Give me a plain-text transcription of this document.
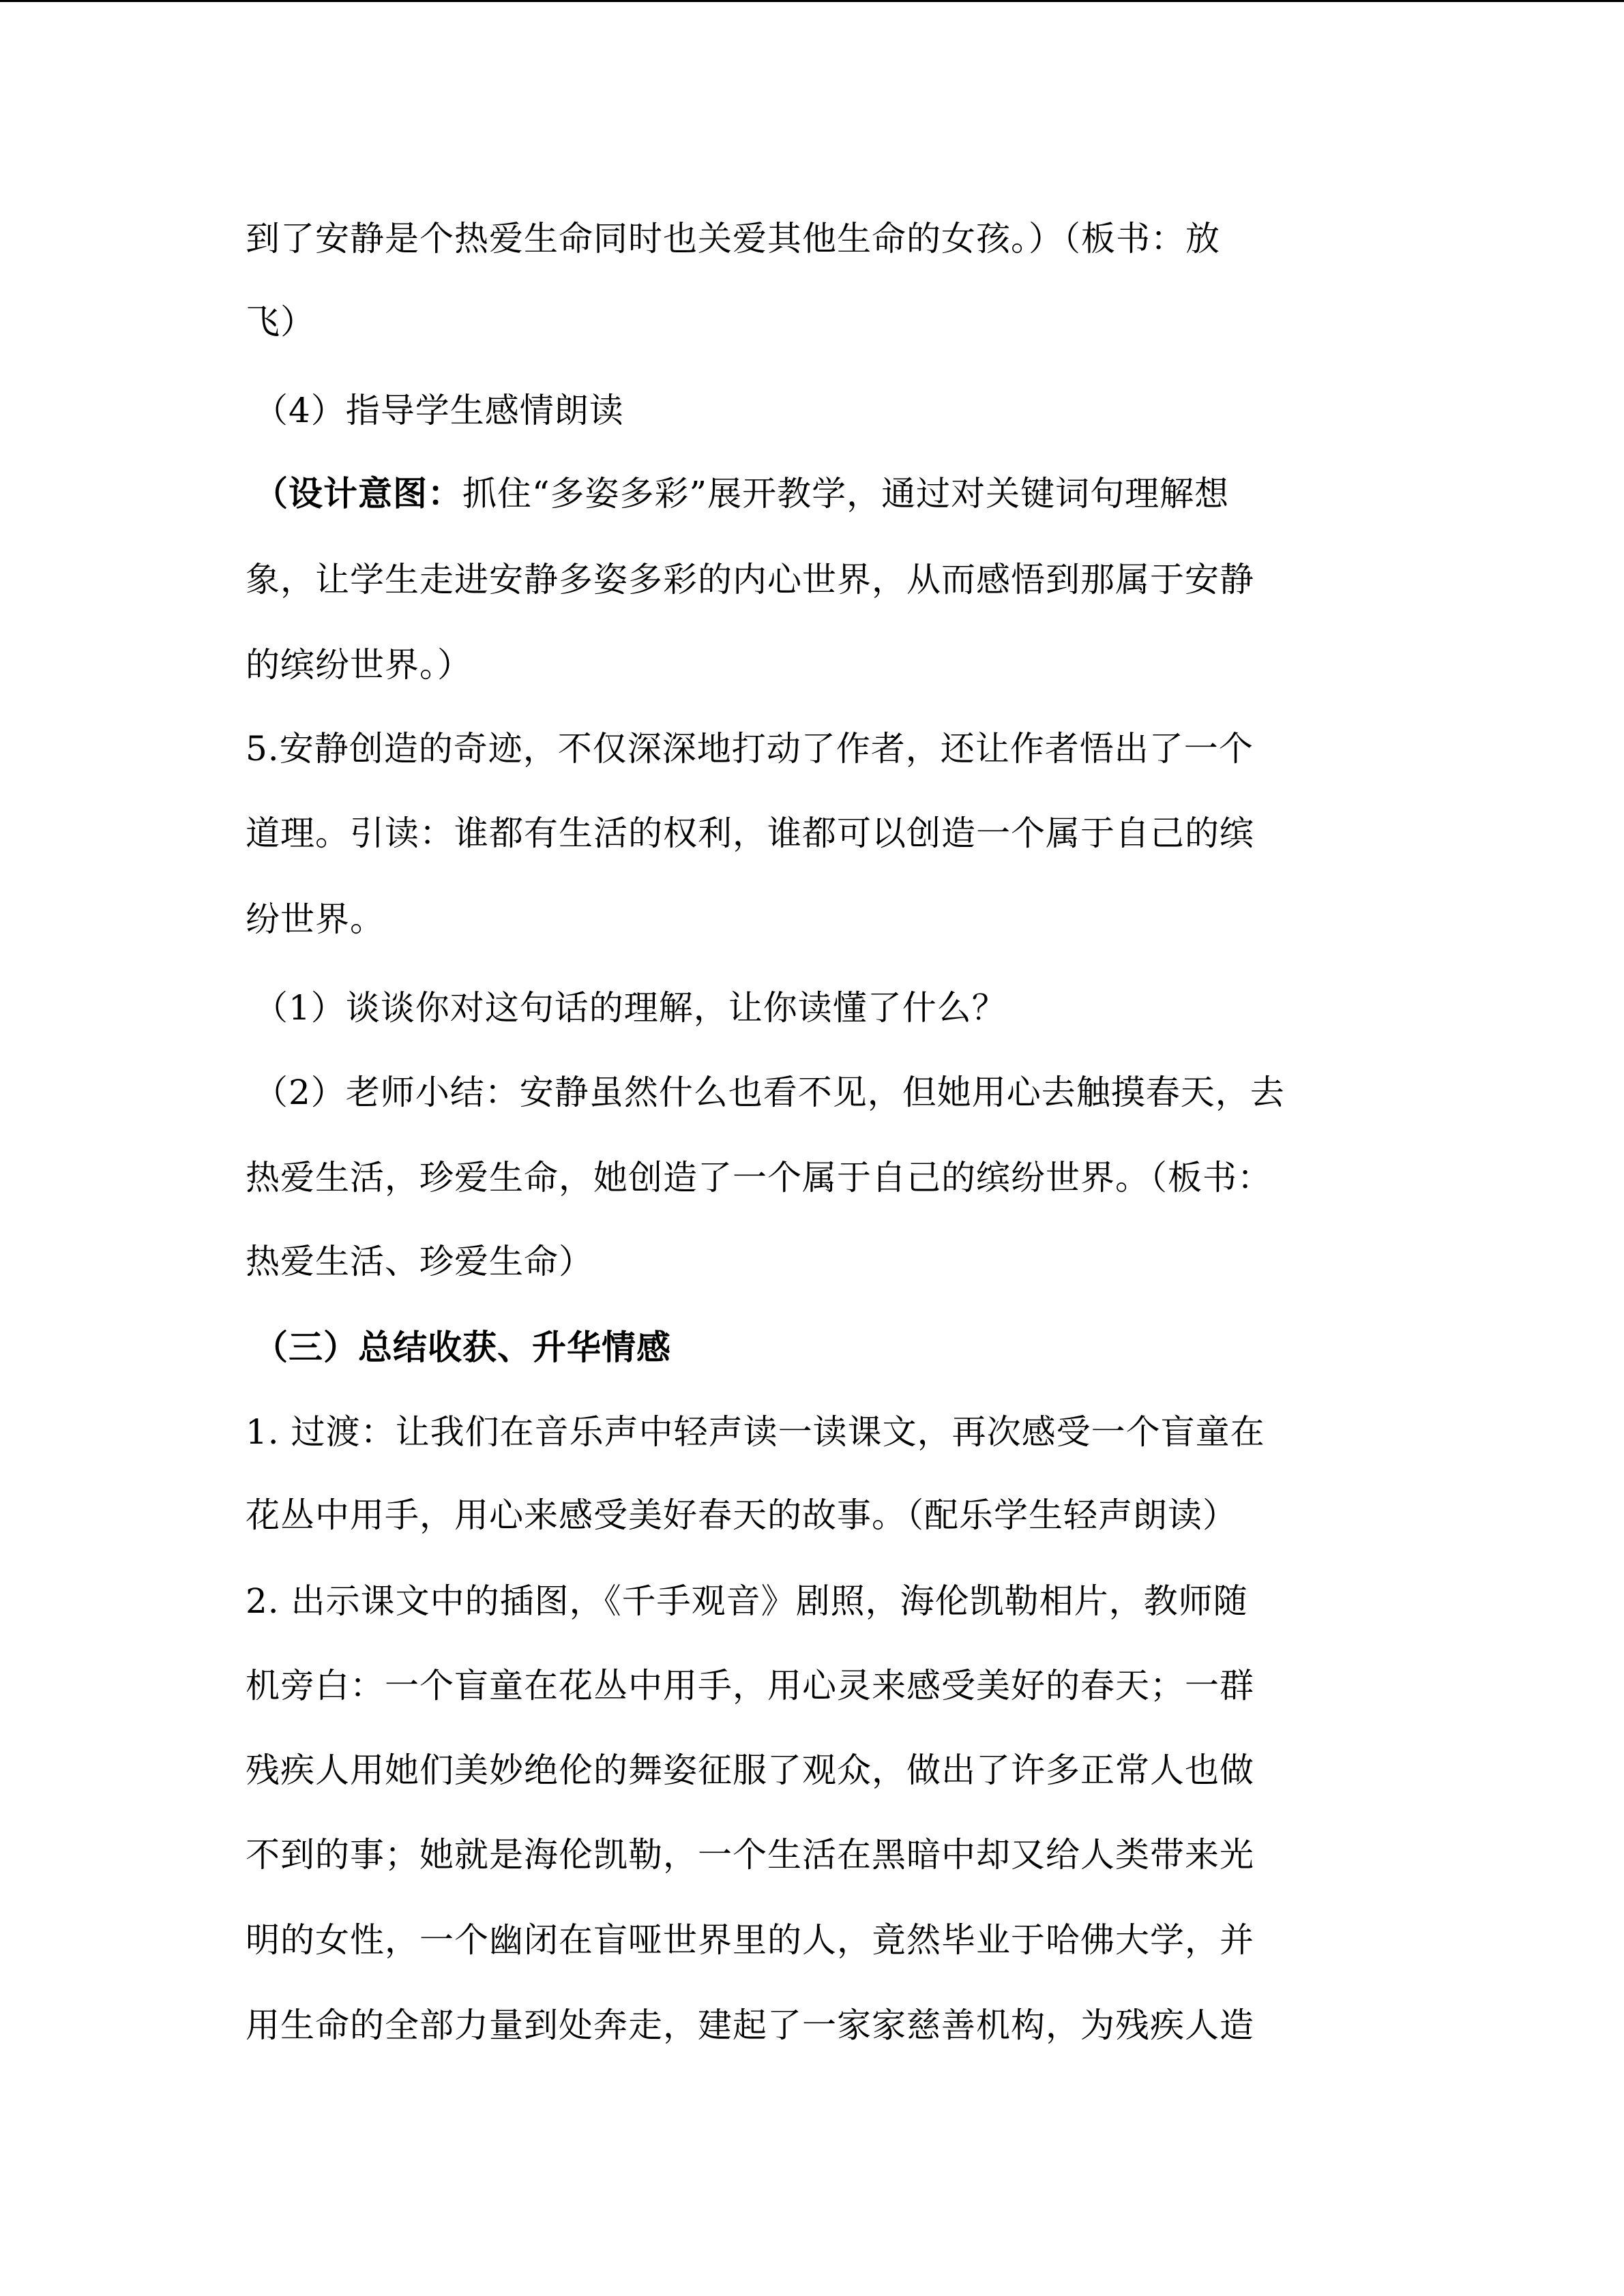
到了安静是个热爱生命同时也关爱其他生命的女孩。）（板书：放
飞）
（4）指导学生感情朗读
（设计意图：抓住“多姿多彩”展开教学，通过对关键词句理解想
象，让学生走进安静多姿多彩的内心世界，从而感悟到那属于安静
的缤纷世界。）
5.安静创造的奇迹，不仅深深地打动了作者，还让作者悟出了一个
道理。引读：谁都有生活的权利，谁都可以创造一个属于自己的缤
纷世界。
（1）谈谈你对这句话的理解，让你读懂了什么？
（2）老师小结：安静虽然什么也看不见，但她用心去触摸春天，去
热爱生活，珍爱生命，她创造了一个属于自己的缤纷世界。（板书：
热爱生活、珍爱生命）
（三）总结收获、升华情感
1. 过渡：让我们在音乐声中轻声读一读课文，再次感受一个盲童在
花丛中用手，用心来感受美好春天的故事。（配乐学生轻声朗读）
2. 出示课文中的插图，《千手观音》剧照，海伦凯勒相片，教师随
机旁白：一个盲童在花丛中用手，用心灵来感受美好的春天；一群
残疾人用她们美妙绝伦的舞姿征服了观众，做出了许多正常人也做
不到的事；她就是海伦凯勒，一个生活在黑暗中却又给人类带来光
明的女性，一个幽闭在盲哑世界里的人，竟然毕业于哈佛大学，并
用生命的全部力量到处奔走，建起了一家家慈善机构，为残疾人造
